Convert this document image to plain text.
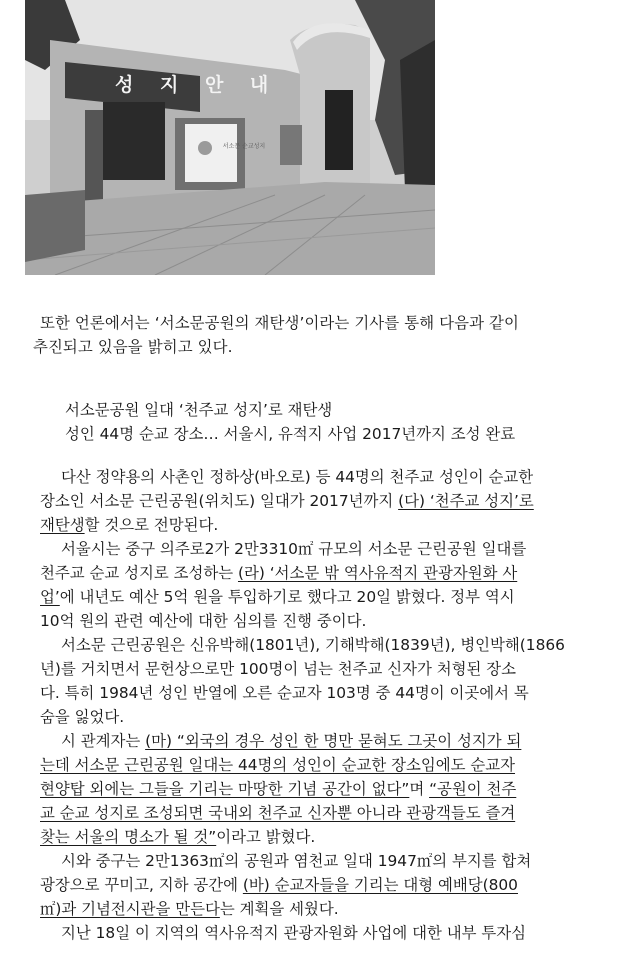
성 지 안 내
서소문 순교성지

또한 언론에서는 ‘서소문공원의 재탄생’이라는 기사를 통해 다음과 같이
추진되고 있음을 밝히고 있다.

서소문공원 일대 ‘천주교 성지’로 재탄생
성인 44명 순교 장소… 서울시, 유적지 사업 2017년까지 조성 완료
다산 정약용의 사촌인 정하상(바오로) 등 44명의 천주교 성인이 순교한
장소인 서소문 근린공원(위치도) 일대가 2017년까지 (다) ‘천주교 성지’로
재탄생할 것으로 전망된다.
서울시는 중구 의주로2가 2만3310㎡ 규모의 서소문 근린공원 일대를
천주교 순교 성지로 조성하는 (라) ‘서소문 밖 역사유적지 관광자원화 사
업’에 내년도 예산 5억 원을 투입하기로 했다고 20일 밝혔다. 정부 역시
10억 원의 관련 예산에 대한 심의를 진행 중이다.
서소문 근린공원은 신유박해(1801년), 기해박해(1839년), 병인박해(1866
년)를 거치면서 문헌상으로만 100명이 넘는 천주교 신자가 처형된 장소
다. 특히 1984년 성인 반열에 오른 순교자 103명 중 44명이 이곳에서 목
숨을 잃었다.
시 관계자는 (마) “외국의 경우 성인 한 명만 묻혀도 그곳이 성지가 되
는데 서소문 근린공원 일대는 44명의 성인이 순교한 장소임에도 순교자
현양탑 외에는 그들을 기리는 마땅한 기념 공간이 없다”며 “공원이 천주
교 순교 성지로 조성되면 국내외 천주교 신자뿐 아니라 관광객들도 즐겨
찾는 서울의 명소가 될 것”이라고 밝혔다.
시와 중구는 2만1363㎡의 공원과 염천교 일대 1947㎡의 부지를 합쳐
광장으로 꾸미고, 지하 공간에 (바) 순교자들을 기리는 대형 예배당(800
㎡)과 기념전시관을 만든다는 계획을 세웠다.
지난 18일 이 지역의 역사유적지 관광자원화 사업에 대한 내부 투자심
